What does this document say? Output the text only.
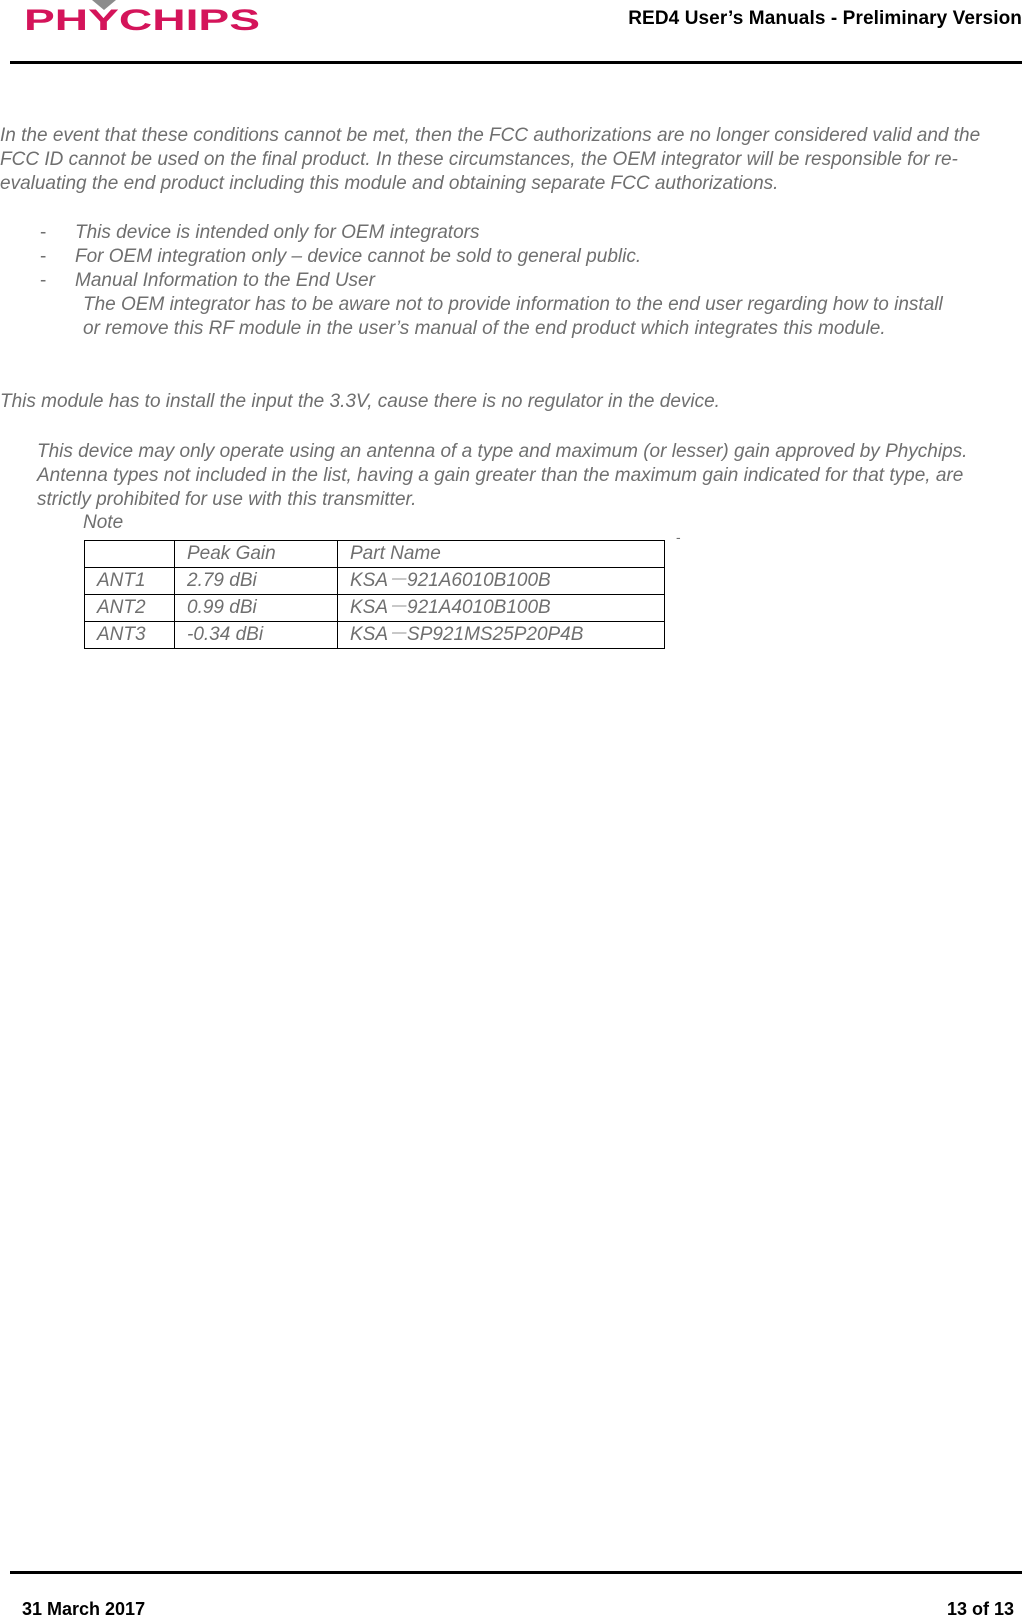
PHYCHIPS	RED4 User’s Manuals - Preliminary Version
In the event that these conditions cannot be met, then the FCC authorizations are no longer considered valid and the FCC ID cannot be used on the final product. In these circumstances, the OEM integrator will be responsible for re-evaluating the end product including this module and obtaining separate FCC authorizations.
- This device is intended only for OEM integrators
- For OEM integration only – device cannot be sold to general public.
- Manual Information to the End User
The OEM integrator has to be aware not to provide information to the end user regarding how to install or remove this RF module in the user’s manual of the end product which integrates this module.
This module has to install the input the 3.3V, cause there is no regulator in the device.
This device may only operate using an antenna of a type and maximum (or lesser) gain approved by Phychips. Antenna types not included in the list, having a gain greater than the maximum gain indicated for that type, are strictly prohibited for use with this transmitter.
Note
-
	Peak Gain	Part Name
ANT1	2.79 dBi	KSA－921A6010B100B
ANT2	0.99 dBi	KSA－921A4010B100B
ANT3	-0.34 dBi	KSA－SP921MS25P20P4B
31 March 2017	13 of 13
